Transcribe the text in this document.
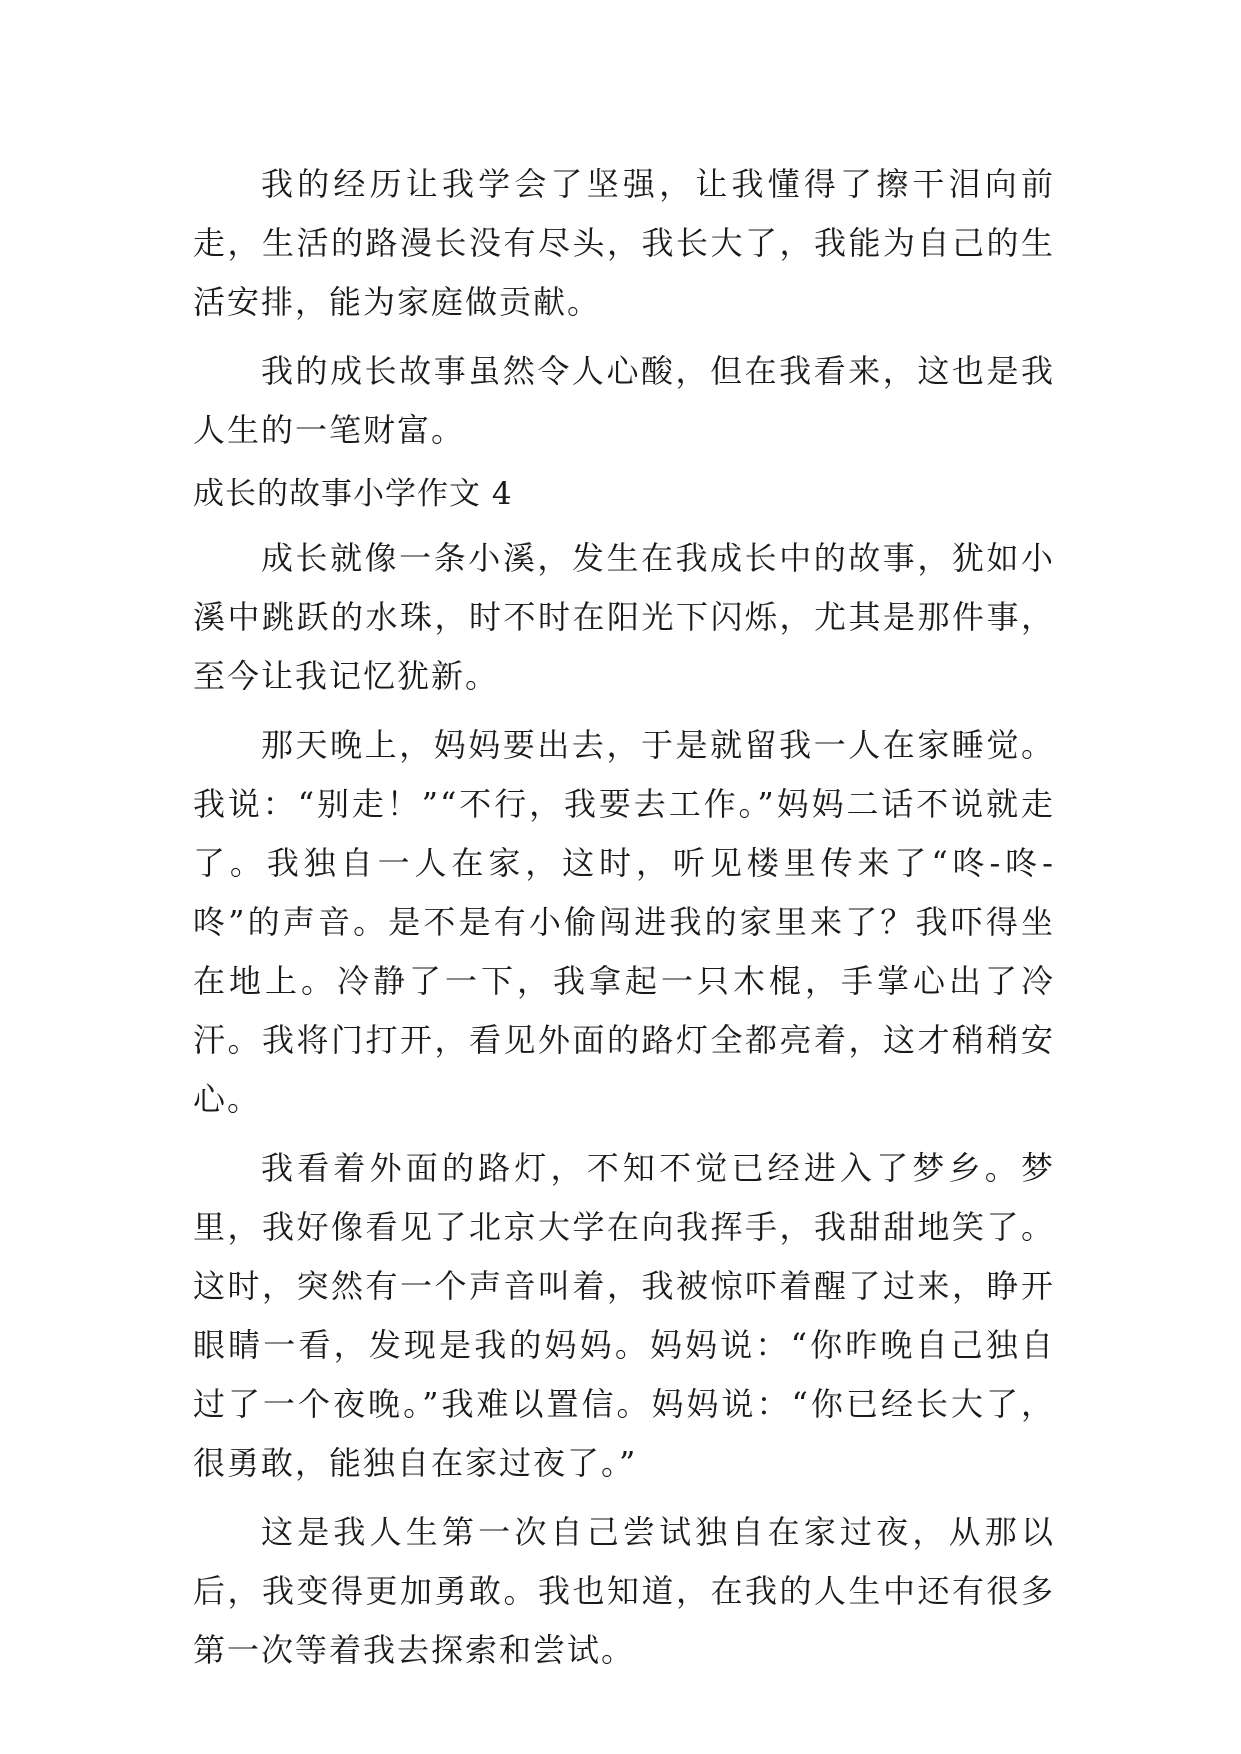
我的经历让我学会了坚强，让我懂得了擦干泪向前走，生活的路漫长没有尽头，我长大了，我能为自己的生活安排，能为家庭做贡献。

我的成长故事虽然令人心酸，但在我看来，这也是我人生的一笔财富。

成长的故事小学作文 4

成长就像一条小溪，发生在我成长中的故事，犹如小溪中跳跃的水珠，时不时在阳光下闪烁，尤其是那件事，至今让我记忆犹新。

那天晚上，妈妈要出去，于是就留我一人在家睡觉。我说：“别走！”“不行，我要去工作。”妈妈二话不说就走了。我独自一人在家，这时，听见楼里传来了“咚-咚-咚”的声音。是不是有小偷闯进我的家里来了？我吓得坐在地上。冷静了一下，我拿起一只木棍，手掌心出了冷汗。我将门打开，看见外面的路灯全都亮着，这才稍稍安心。

我看着外面的路灯，不知不觉已经进入了梦乡。梦里，我好像看见了北京大学在向我挥手，我甜甜地笑了。这时，突然有一个声音叫着，我被惊吓着醒了过来，睁开眼睛一看，发现是我的妈妈。妈妈说：“你昨晚自己独自过了一个夜晚。”我难以置信。妈妈说：“你已经长大了，很勇敢，能独自在家过夜了。”

这是我人生第一次自己尝试独自在家过夜，从那以后，我变得更加勇敢。我也知道，在我的人生中还有很多第一次等着我去探索和尝试。
